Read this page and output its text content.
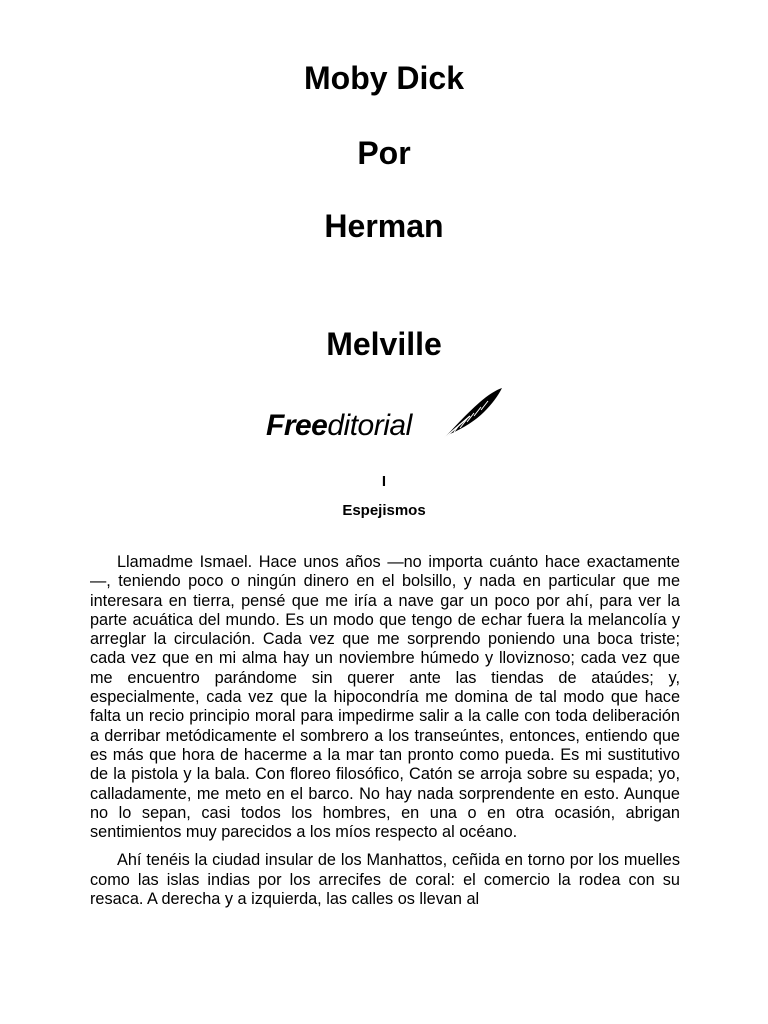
Moby Dick
Por
Herman
Melville
Freeditorial
I
Espejismos

Llamadme Ismael. Hace unos años —no importa cuánto hace exactamente —, teniendo poco o ningún dinero en el bolsillo, y nada en particular que me interesara en tierra, pensé que me iría a nave gar un poco por ahí, para ver la parte acuática del mundo. Es un modo que tengo de echar fuera la melancolía y arreglar la circulación. Cada vez que me sorprendo poniendo una boca triste; cada vez que en mi alma hay un noviembre húmedo y lloviznoso; cada vez que me encuentro parándome sin querer ante las tiendas de ataúdes; y, especialmente, cada vez que la hipocondría me domina de tal modo que hace falta un recio principio moral para impedirme salir a la calle con toda deliberación a derribar metódicamente el sombrero a los transeúntes, entonces, entiendo que es más que hora de hacerme a la mar tan pronto como pueda. Es mi sustitutivo de la pistola y la bala. Con floreo filosófico, Catón se arroja sobre su espada; yo, calladamente, me meto en el barco. No hay nada sorprendente en esto. Aunque no lo sepan, casi todos los hombres, en una o en otra ocasión, abrigan sentimientos muy parecidos a los míos respecto al océano.

Ahí tenéis la ciudad insular de los Manhattos, ceñida en torno por los muelles como las islas indias por los arrecifes de coral: el comercio la rodea con su resaca. A derecha y a izquierda, las calles os llevan al
